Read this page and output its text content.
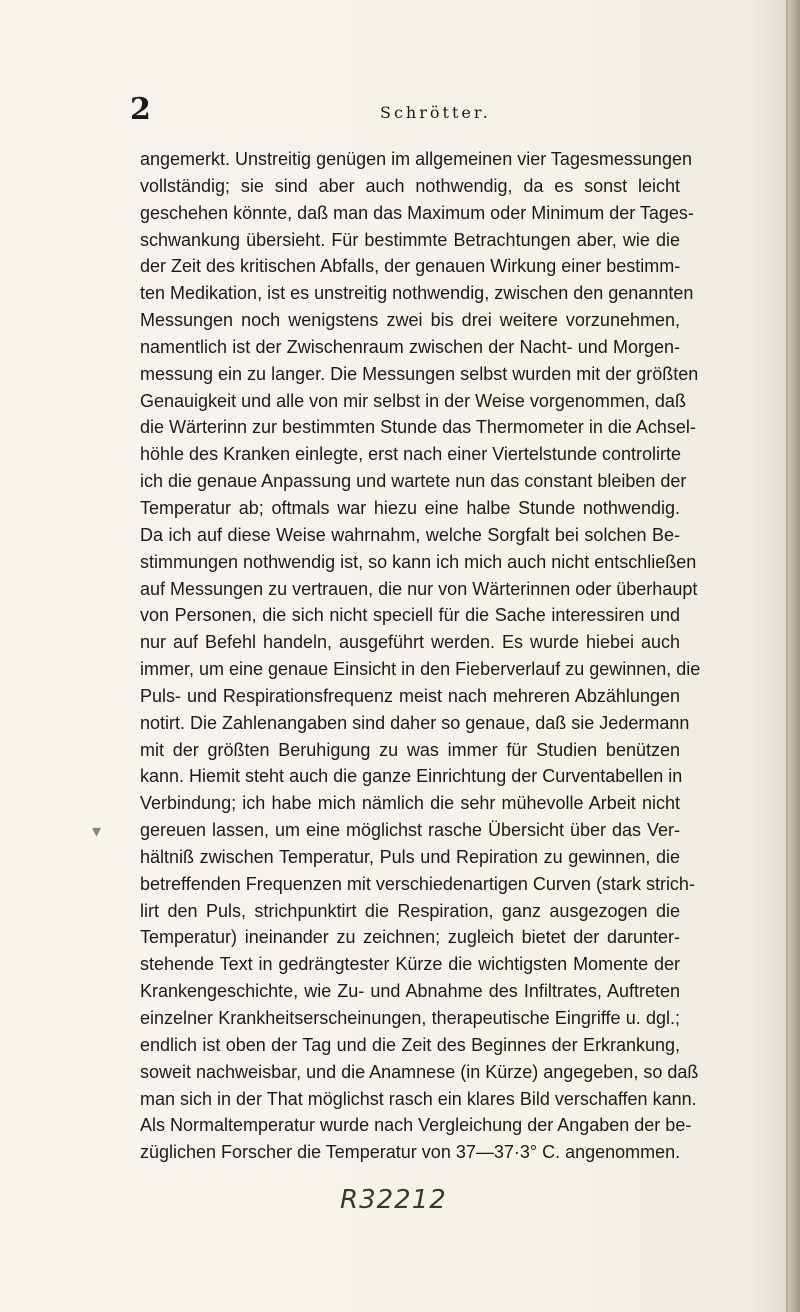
2	Schrötter.
▾
angemerkt. Unstreitig genügen im allgemeinen vier Tagesmessungen
vollständig; sie sind aber auch nothwendig, da es sonst leicht
geschehen könnte, daß man das Maximum oder Minimum der Tages-
schwankung übersieht. Für bestimmte Betrachtungen aber, wie die
der Zeit des kritischen Abfalls, der genauen Wirkung einer bestimm-
ten Medikation, ist es unstreitig nothwendig, zwischen den genannten
Messungen noch wenigstens zwei bis drei weitere vorzunehmen,
namentlich ist der Zwischenraum zwischen der Nacht- und Morgen-
messung ein zu langer. Die Messungen selbst wurden mit der größten
Genauigkeit und alle von mir selbst in der Weise vorgenommen, daß
die Wärterinn zur bestimmten Stunde das Thermometer in die Achsel-
höhle des Kranken einlegte, erst nach einer Viertelstunde controlirte
ich die genaue Anpassung und wartete nun das constant bleiben der
Temperatur ab; oftmals war hiezu eine halbe Stunde nothwendig.
Da ich auf diese Weise wahrnahm, welche Sorgfalt bei solchen Be-
stimmungen nothwendig ist, so kann ich mich auch nicht entschließen
auf Messungen zu vertrauen, die nur von Wärterinnen oder überhaupt
von Personen, die sich nicht speciell für die Sache interessiren und
nur auf Befehl handeln, ausgeführt werden. Es wurde hiebei auch
immer, um eine genaue Einsicht in den Fieberverlauf zu gewinnen, die
Puls- und Respirationsfrequenz meist nach mehreren Abzählungen
notirt. Die Zahlenangaben sind daher so genaue, daß sie Jedermann
mit der größten Beruhigung zu was immer für Studien benützen
kann. Hiemit steht auch die ganze Einrichtung der Curventabellen in
Verbindung; ich habe mich nämlich die sehr mühevolle Arbeit nicht
gereuen lassen, um eine möglichst rasche Übersicht über das Ver-
hältniß zwischen Temperatur, Puls und Repiration zu gewinnen, die
betreffenden Frequenzen mit verschiedenartigen Curven (stark strich-
lirt den Puls, strichpunktirt die Respiration, ganz ausgezogen die
Temperatur) ineinander zu zeichnen; zugleich bietet der darunter-
stehende Text in gedrängtester Kürze die wichtigsten Momente der
Krankengeschichte, wie Zu- und Abnahme des Infiltrates, Auftreten
einzelner Krankheitserscheinungen, therapeutische Eingriffe u. dgl.;
endlich ist oben der Tag und die Zeit des Beginnes der Erkrankung,
soweit nachweisbar, und die Anamnese (in Kürze) angegeben, so daß
man sich in der That möglichst rasch ein klares Bild verschaffen kann.
Als Normaltemperatur wurde nach Vergleichung der Angaben der be-
züglichen Forscher die Temperatur von 37—37·3° C. angenommen.
R32212
